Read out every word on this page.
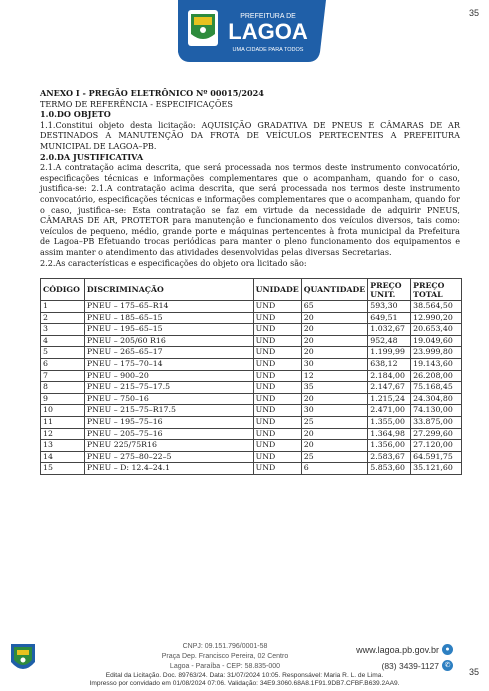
35
PREFEITURA DE
LAGOA
UMA CIDADE PARA TODOS

ANEXO I - PREGÃO ELETRÔNICO Nº 00015/2024

TERMO DE REFERÊNCIA - ESPECIFICAÇÕES

1.0.DO OBJETO

1.1.Constitui objeto desta licitação: AQUISIÇÃO GRADATIVA DE PNEUS E CÂMARAS DE AR DESTINADOS A MANUTENÇÃO DA FROTA DE VEÍCULOS PERTECENTES A PREFEITURA MUNICIPAL DE LAGOA–PB.

2.0.DA JUSTIFICATIVA

2.1.A contratação acima descrita, que será processada nos termos deste instrumento convocatório, especificações técnicas e informações complementares que o acompanham, quando for o caso, justifica-se: 2.1.A contratação acima descrita, que será processada nos termos deste instrumento convocatório, especificações técnicas e informações complementares que o acompanham, quando for o caso, justifica–se: Esta contratação se faz em virtude da necessidade de adquirir PNEUS, CÂMARAS DE AR, PROTETOR para manutenção e funcionamento dos veículos diversos, tais como: veículos de pequeno, médio, grande porte e máquinas pertencentes à frota municipal da Prefeitura de Lagoa–PB Efetuando trocas periódicas para manter o pleno funcionamento dos equipamentos e assim manter o atendimento das atividades desenvolvidas pelas diversas Secretarias.

2.2.As características e especificações do objeto ora licitado são:

CÓDIGO	DISCRIMINAÇÃO	UNIDADE	QUANTIDADE	PREÇO UNIT.	PREÇO TOTAL
1	PNEU – 175–65–R14	UND	65	593,30	38.564,50
2	PNEU – 185–65–15	UND	20	649,51	12.990,20
3	PNEU – 195–65–15	UND	20	1.032,67	20.653,40
4	PNEU – 205/60 R16	UND	20	952,48	19.049,60
5	PNEU – 265–65–17	UND	20	1.199,99	23.999,80
6	PNEU – 175–70–14	UND	30	638,12	19.143,60
7	PNEU – 900–20	UND	12	2.184,00	26.208,00
8	PNEU – 215–75–17.5	UND	35	2.147,67	75.168,45
9	PNEU – 750–16	UND	20	1.215,24	24.304,80
10	PNEU – 215–75–R17.5	UND	30	2.471,00	74.130,00
11	PNEU – 195–75–16	UND	25	1.355,00	33.875,00
12	PNEU – 205–75–16	UND	20	1.364,98	27.299,60
13	PNEU 225/75R16	UND	20	1.356,00	27.120,00
14	PNEU – 275–80–22–5	UND	25	2.583,67	64.591,75
15	PNEU – D: 12.4–24.1	UND	6	5.853,60	35.121,60
CNPJ: 09.151.796/0001-58
Praça Dep. Francisco Pereira, 02 Centro
Lagoa - Paraíba - CEP: 58.835-000
www.lagoa.pb.gov.br ●
(83) 3439-1127 ✆
Edital da Licitação. Doc. 89763/24. Data: 31/07/2024 10:05. Responsável: Maria R. L. de Lima.
Impresso por convidado em 01/08/2024 07:06. Validação: 34E9.3060.68A8.1F91.9DB7.CFBF.B639.2AA9.
35
